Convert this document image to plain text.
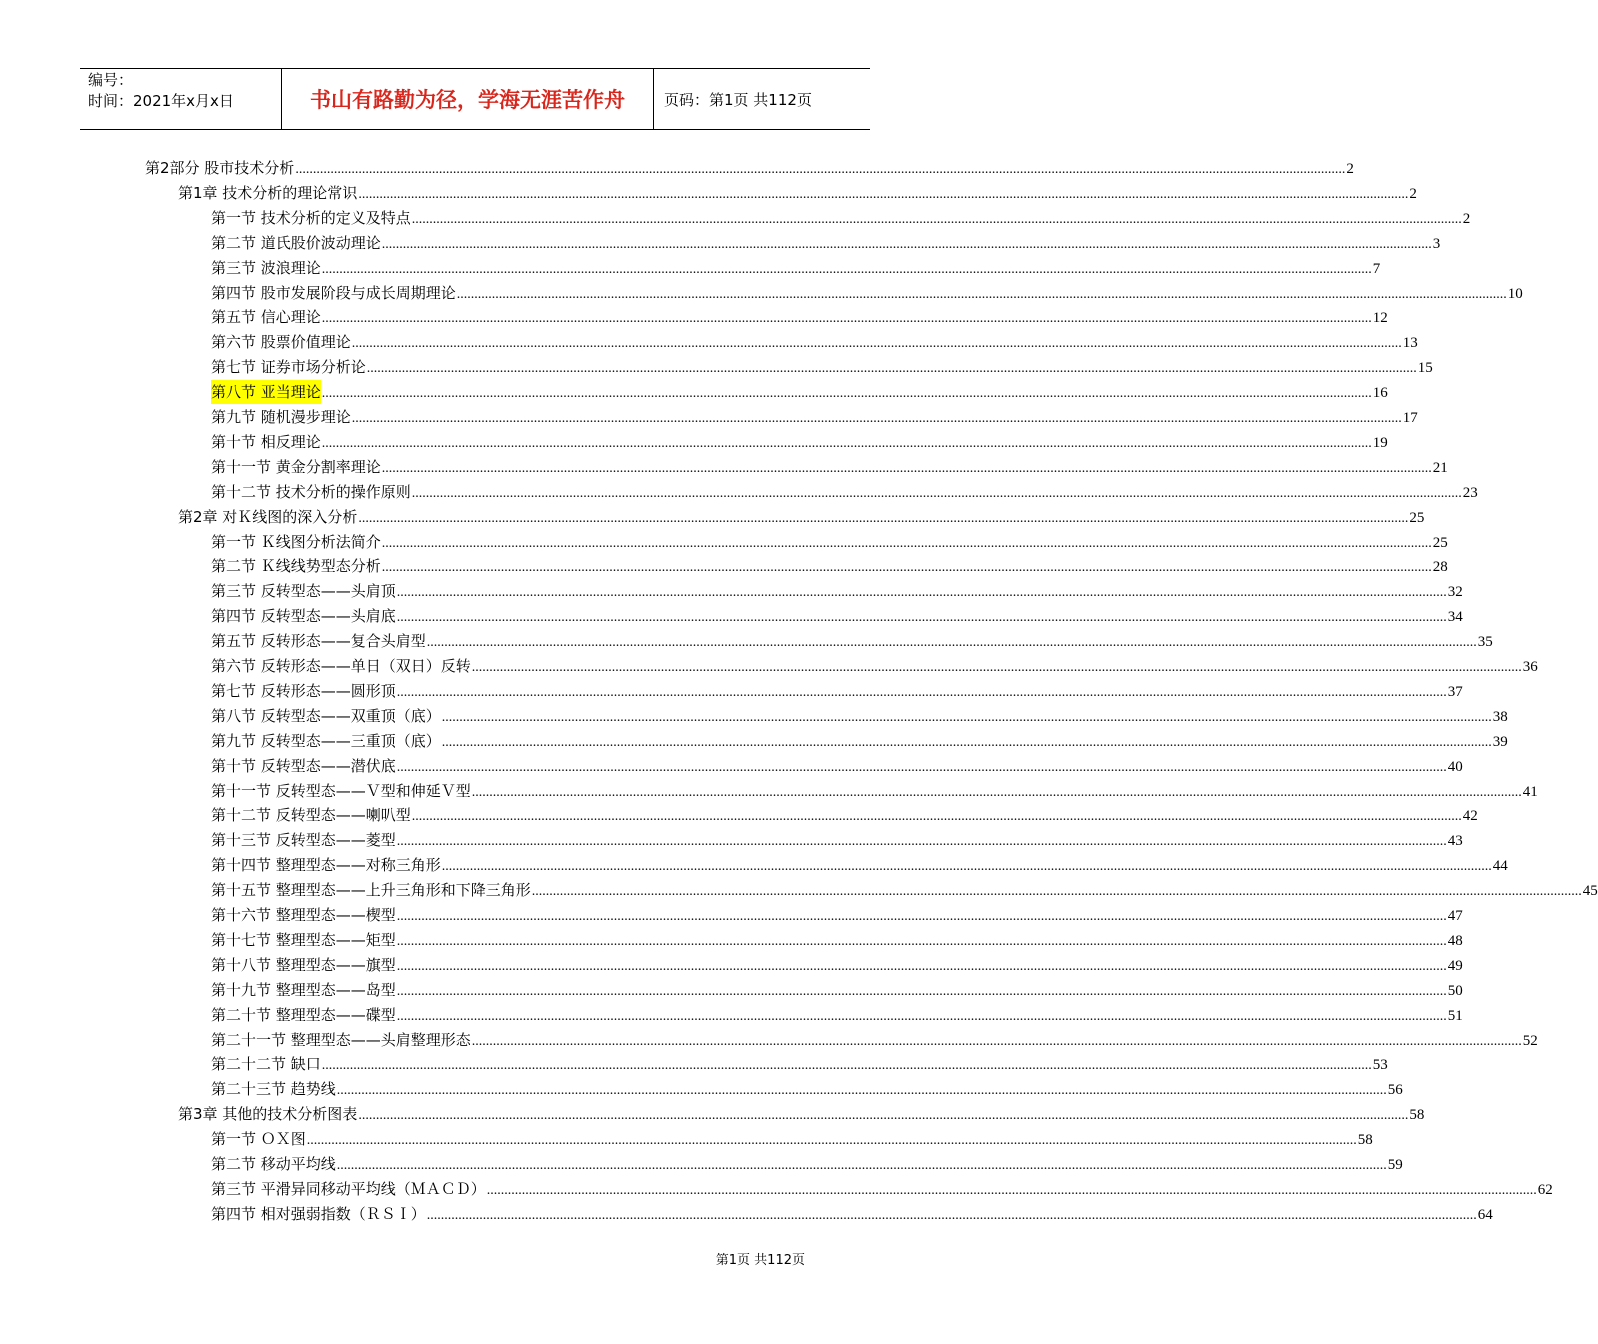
编号：
时间：2021年x月x日	书山有路勤为径，学海无涯苦作舟	页码：第1页 共112页
第2部分 股市技术分析 ............................................................................................................................................................................................................................................................................................................ 2
第1章 技术分析的理论常识 ............................................................................................................................................................................................................................................................................................................ 2
第一节 技术分析的定义及特点 ............................................................................................................................................................................................................................................................................................................ 2
第二节 道氏股价波动理论 ............................................................................................................................................................................................................................................................................................................ 3
第三节 波浪理论 ............................................................................................................................................................................................................................................................................................................ 7
第四节 股市发展阶段与成长周期理论 ............................................................................................................................................................................................................................................................................................................ 10
第五节 信心理论 ............................................................................................................................................................................................................................................................................................................ 12
第六节 股票价值理论 ............................................................................................................................................................................................................................................................................................................ 13
第七节 证券市场分析论 ............................................................................................................................................................................................................................................................................................................ 15
第八节 亚当理论 ............................................................................................................................................................................................................................................................................................................ 16
第九节 随机漫步理论 ............................................................................................................................................................................................................................................................................................................ 17
第十节 相反理论 ............................................................................................................................................................................................................................................................................................................ 19
第十一节 黄金分割率理论 ............................................................................................................................................................................................................................................................................................................ 21
第十二节 技术分析的操作原则 ............................................................................................................................................................................................................................................................................................................ 23
第2章 对Ｋ线图的深入分析 ............................................................................................................................................................................................................................................................................................................ 25
第一节 Ｋ线图分析法简介 ............................................................................................................................................................................................................................................................................................................ 25
第二节 Ｋ线线势型态分析 ............................................................................................................................................................................................................................................................................................................ 28
第三节 反转型态——头肩顶 ............................................................................................................................................................................................................................................................................................................ 32
第四节 反转型态——头肩底 ............................................................................................................................................................................................................................................................................................................ 34
第五节 反转形态——复合头肩型 ............................................................................................................................................................................................................................................................................................................ 35
第六节 反转形态——单日（双日）反转 ............................................................................................................................................................................................................................................................................................................ 36
第七节 反转形态——圆形顶 ............................................................................................................................................................................................................................................................................................................ 37
第八节 反转型态——双重顶（底） ............................................................................................................................................................................................................................................................................................................ 38
第九节 反转型态——三重顶（底） ............................................................................................................................................................................................................................................................................................................ 39
第十节 反转型态——潜伏底 ............................................................................................................................................................................................................................................................................................................ 40
第十一节 反转型态——Ｖ型和伸延Ｖ型 ............................................................................................................................................................................................................................................................................................................ 41
第十二节 反转型态——喇叭型 ............................................................................................................................................................................................................................................................................................................ 42
第十三节 反转型态——菱型 ............................................................................................................................................................................................................................................................................................................ 43
第十四节 整理型态——对称三角形 ............................................................................................................................................................................................................................................................................................................ 44
第十五节 整理型态——上升三角形和下降三角形 ............................................................................................................................................................................................................................................................................................................ 45
第十六节 整理型态——楔型 ............................................................................................................................................................................................................................................................................................................ 47
第十七节 整理型态——矩型 ............................................................................................................................................................................................................................................................................................................ 48
第十八节 整理型态——旗型 ............................................................................................................................................................................................................................................................................................................ 49
第十九节 整理型态——岛型 ............................................................................................................................................................................................................................................................................................................ 50
第二十节 整理型态——碟型 ............................................................................................................................................................................................................................................................................................................ 51
第二十一节 整理型态——头肩整理形态 ............................................................................................................................................................................................................................................................................................................ 52
第二十二节 缺口 ............................................................................................................................................................................................................................................................................................................ 53
第二十三节 趋势线 ............................................................................................................................................................................................................................................................................................................ 56
第3章 其他的技术分析图表 ............................................................................................................................................................................................................................................................................................................ 58
第一节 ＯＸ图 ............................................................................................................................................................................................................................................................................................................ 58
第二节 移动平均线 ............................................................................................................................................................................................................................................................................................................ 59
第三节 平滑异同移动平均线（ＭＡＣＤ） ............................................................................................................................................................................................................................................................................................................ 62
第四节 相对强弱指数（ＲＳＩ） ............................................................................................................................................................................................................................................................................................................ 64
第1页 共112页
